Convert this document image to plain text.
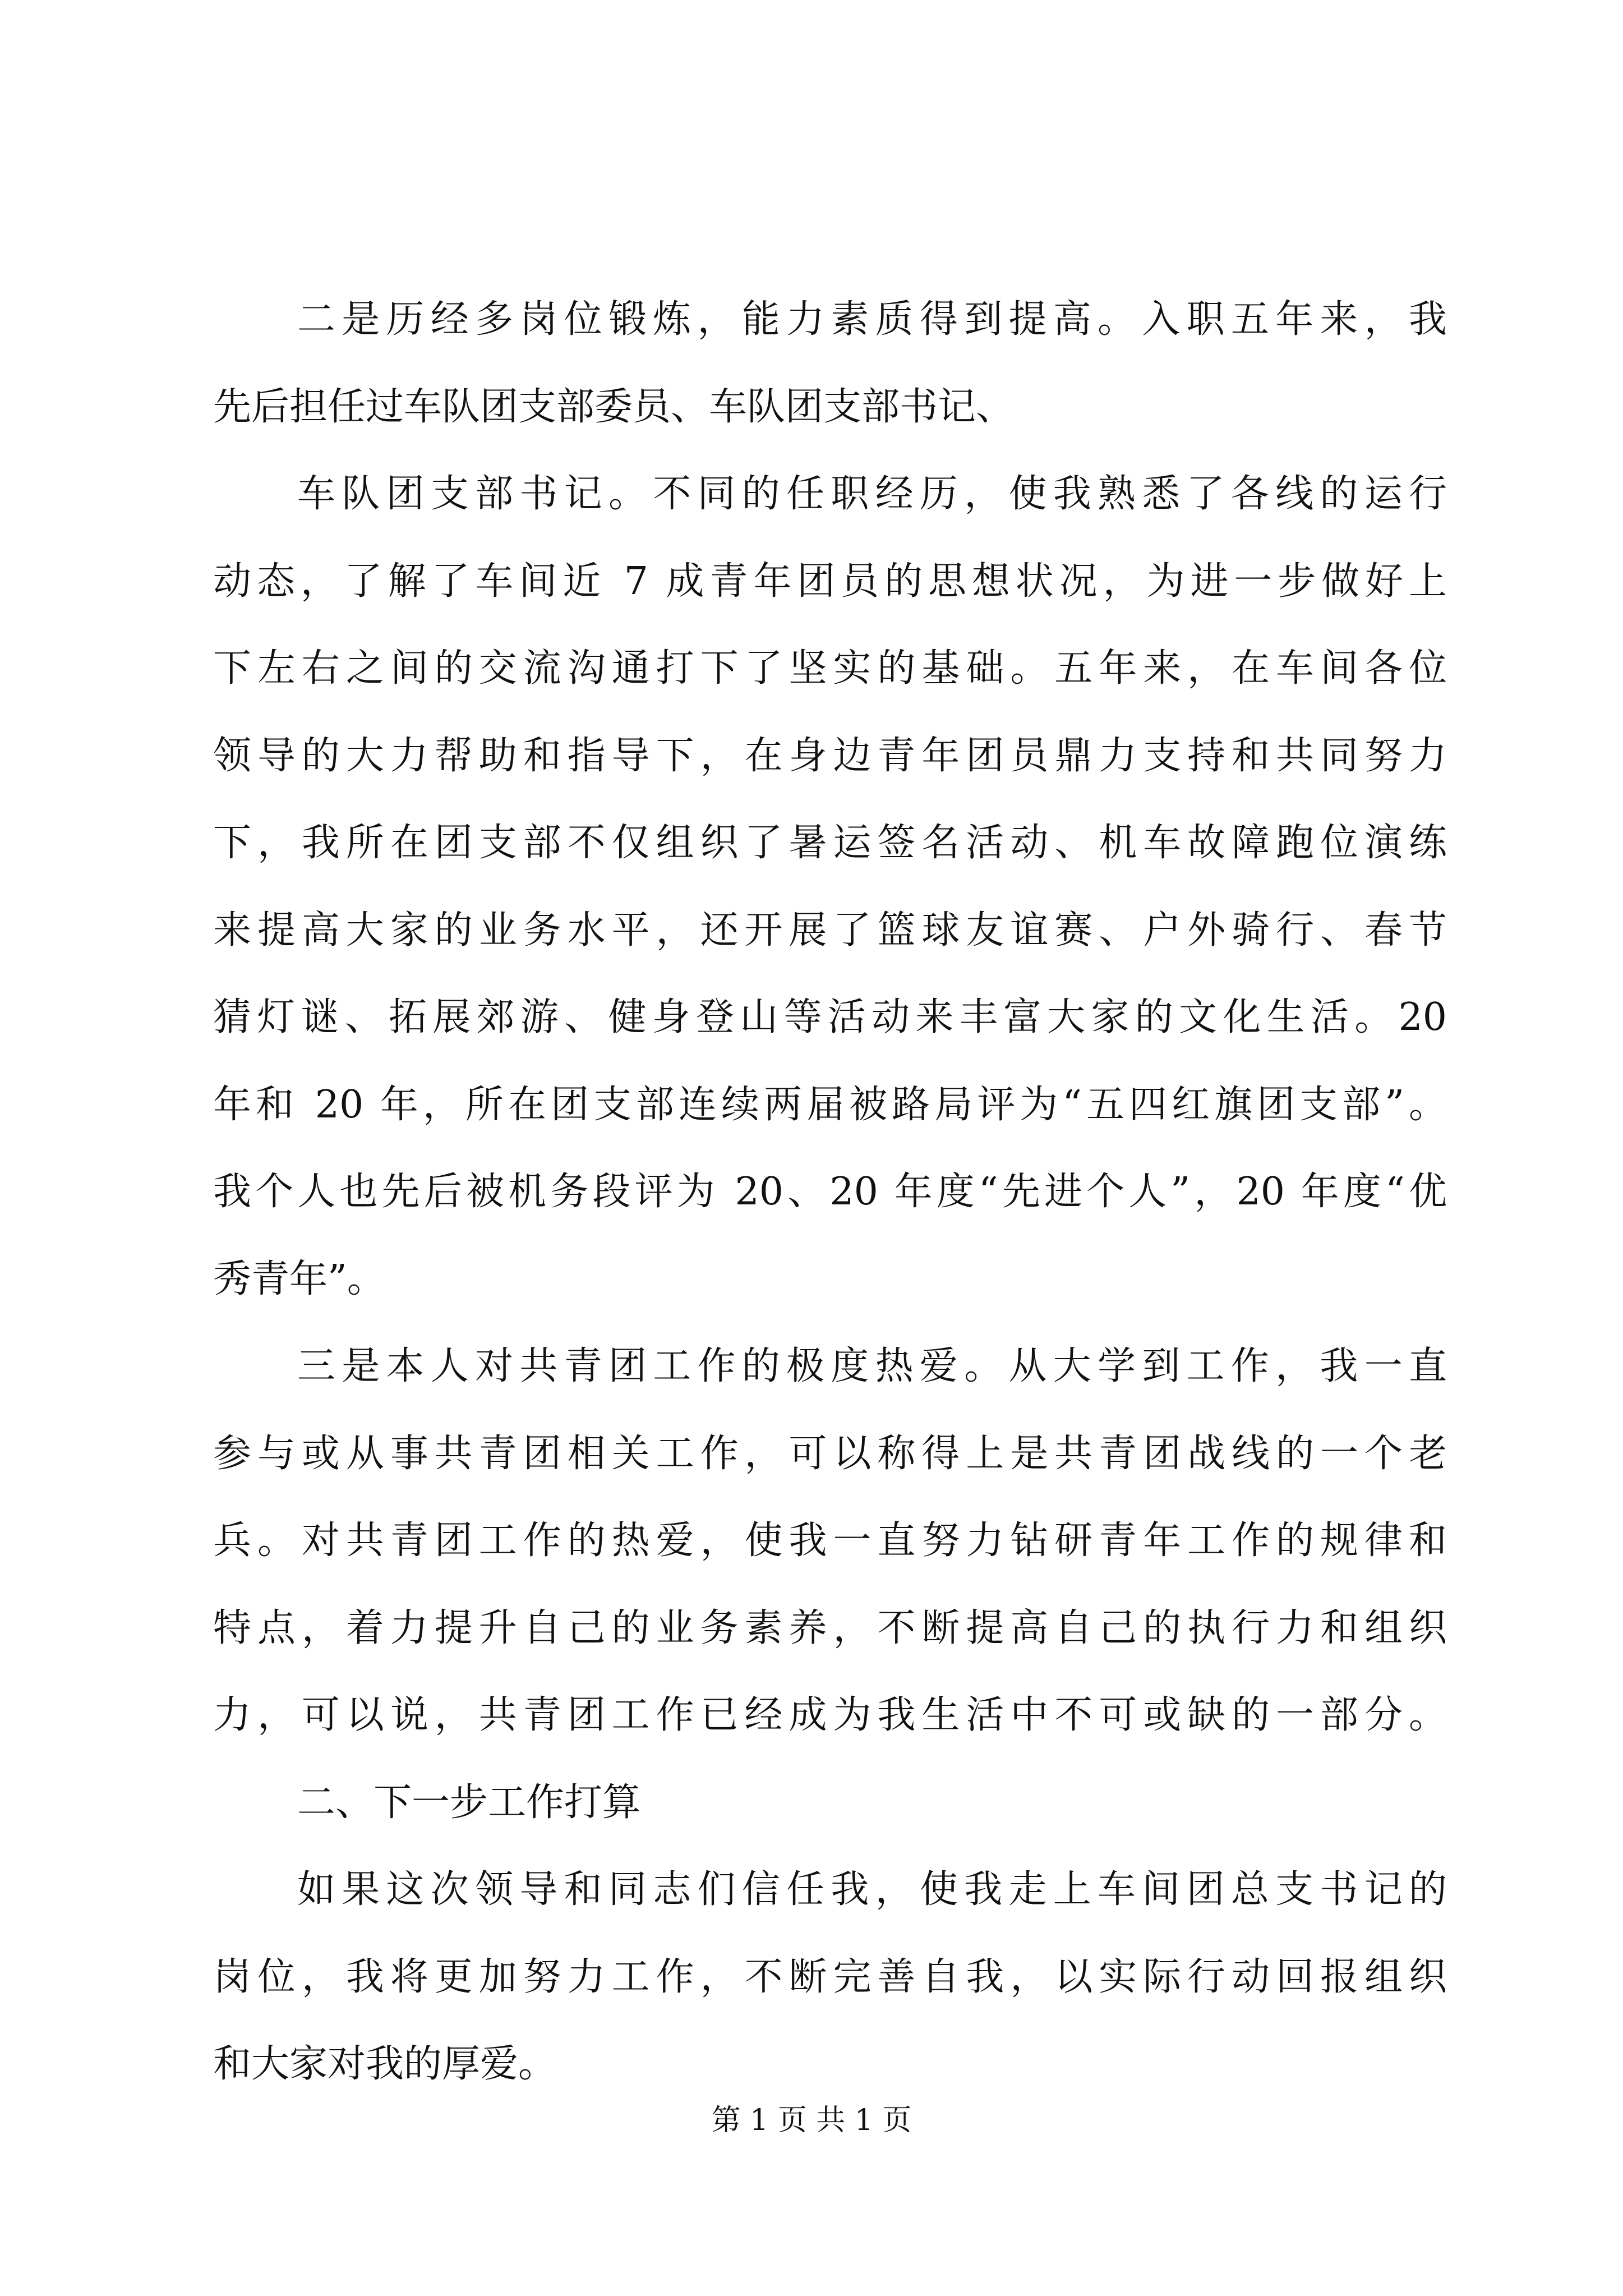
二是历经多岗位锻炼，能力素质得到提高。入职五年来，我
先后担任过车队团支部委员、车队团支部书记、
车队团支部书记。不同的任职经历，使我熟悉了各线的运行
动态，了解了车间近 7 成青年团员的思想状况，为进一步做好上
下左右之间的交流沟通打下了坚实的基础。五年来，在车间各位
领导的大力帮助和指导下，在身边青年团员鼎力支持和共同努力
下，我所在团支部不仅组织了暑运签名活动、机车故障跑位演练
来提高大家的业务水平，还开展了篮球友谊赛、户外骑行、春节
猜灯谜、拓展郊游、健身登山等活动来丰富大家的文化生活。20
年和 20 年，所在团支部连续两届被路局评为“五四红旗团支部”。
我个人也先后被机务段评为 20、20 年度“先进个人”，20 年度“优
秀青年”。
三是本人对共青团工作的极度热爱。从大学到工作，我一直
参与或从事共青团相关工作，可以称得上是共青团战线的一个老
兵。对共青团工作的热爱，使我一直努力钻研青年工作的规律和
特点，着力提升自己的业务素养，不断提高自己的执行力和组织
力，可以说，共青团工作已经成为我生活中不可或缺的一部分。
二、下一步工作打算
如果这次领导和同志们信任我，使我走上车间团总支书记的
岗位，我将更加努力工作，不断完善自我，以实际行动回报组织
和大家对我的厚爱。
第 1 页 共 1 页
